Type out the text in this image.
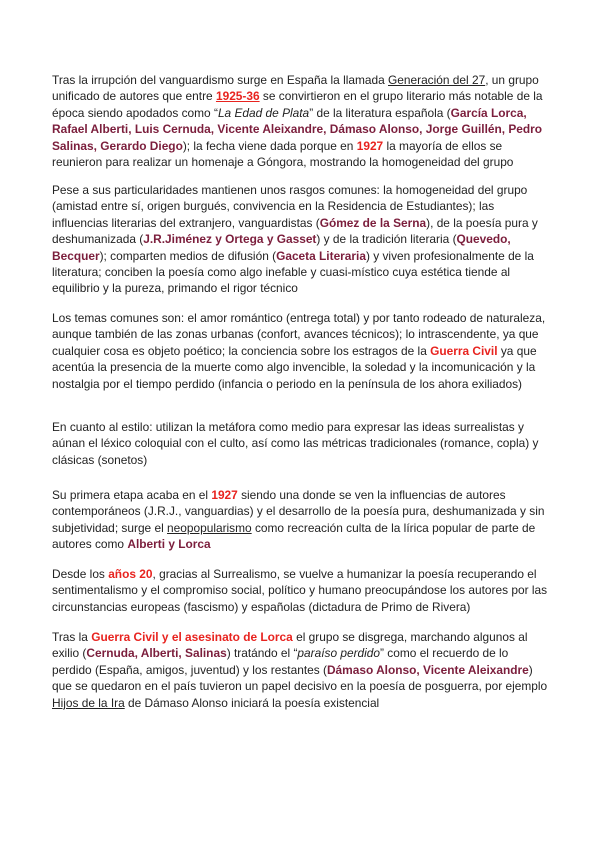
Tras la irrupción del vanguardismo surge en España la llamada Generación del 27, un grupo unificado de autores que entre 1925-36 se convirtieron en el grupo literario más notable de la época siendo apodados como “La Edad de Plata” de la literatura española (García Lorca, Rafael Alberti, Luis Cernuda, Vicente Aleixandre, Dámaso Alonso, Jorge Guillén, Pedro Salinas, Gerardo Diego); la fecha viene dada porque en 1927 la mayoría de ellos se reunieron para realizar un homenaje a Góngora, mostrando la homogeneidad del grupo

Pese a sus particularidades mantienen unos rasgos comunes: la homogeneidad del grupo (amistad entre sí, origen burgués, convivencia en la Residencia de Estudiantes); las influencias literarias del extranjero, vanguardistas (Gómez de la Serna), de la poesía pura y deshumanizada (J.R.Jiménez y Ortega y Gasset) y de la tradición literaria (Quevedo, Becquer); comparten medios de difusión (Gaceta Literaria) y viven profesionalmente de la literatura; conciben la poesía como algo inefable y cuasi-místico cuya estética tiende al equilibrio y la pureza, primando el rigor técnico

Los temas comunes son: el amor romántico (entrega total) y por tanto rodeado de naturaleza, aunque también de las zonas urbanas (confort, avances técnicos); lo intrascendente, ya que cualquier cosa es objeto poético; la conciencia sobre los estragos de la Guerra Civil ya que acentúa la presencia de la muerte como algo invencible, la soledad y la incomunicación y la nostalgia por el tiempo perdido (infancia o periodo en la península de los ahora exiliados)

En cuanto al estilo: utilizan la metáfora como medio para expresar las ideas surrealistas y aúnan el léxico coloquial con el culto, así como las métricas tradicionales (romance, copla) y clásicas (sonetos)

Su primera etapa acaba en el 1927 siendo una donde se ven la influencias de autores contemporáneos (J.R.J., vanguardias) y el desarrollo de la poesía pura, deshumanizada y sin subjetividad; surge el neopopularismo como recreación culta de la lírica popular de parte de autores como Alberti y Lorca

Desde los años 20, gracias al Surrealismo, se vuelve a humanizar la poesía recuperando el sentimentalismo y el compromiso social, político y humano preocupándose los autores por las circunstancias europeas (fascismo) y españolas (dictadura de Primo de Rivera)

Tras la Guerra Civil y el asesinato de Lorca el grupo se disgrega, marchando algunos al exilio (Cernuda, Alberti, Salinas) tratándo el “paraíso perdido” como el recuerdo de lo perdido (España, amigos, juventud) y los restantes (Dámaso Alonso, Vicente Aleixandre) que se quedaron en el país tuvieron un papel decisivo en la poesía de posguerra, por ejemplo Hijos de la Ira de Dámaso Alonso iniciará la poesía existencial
